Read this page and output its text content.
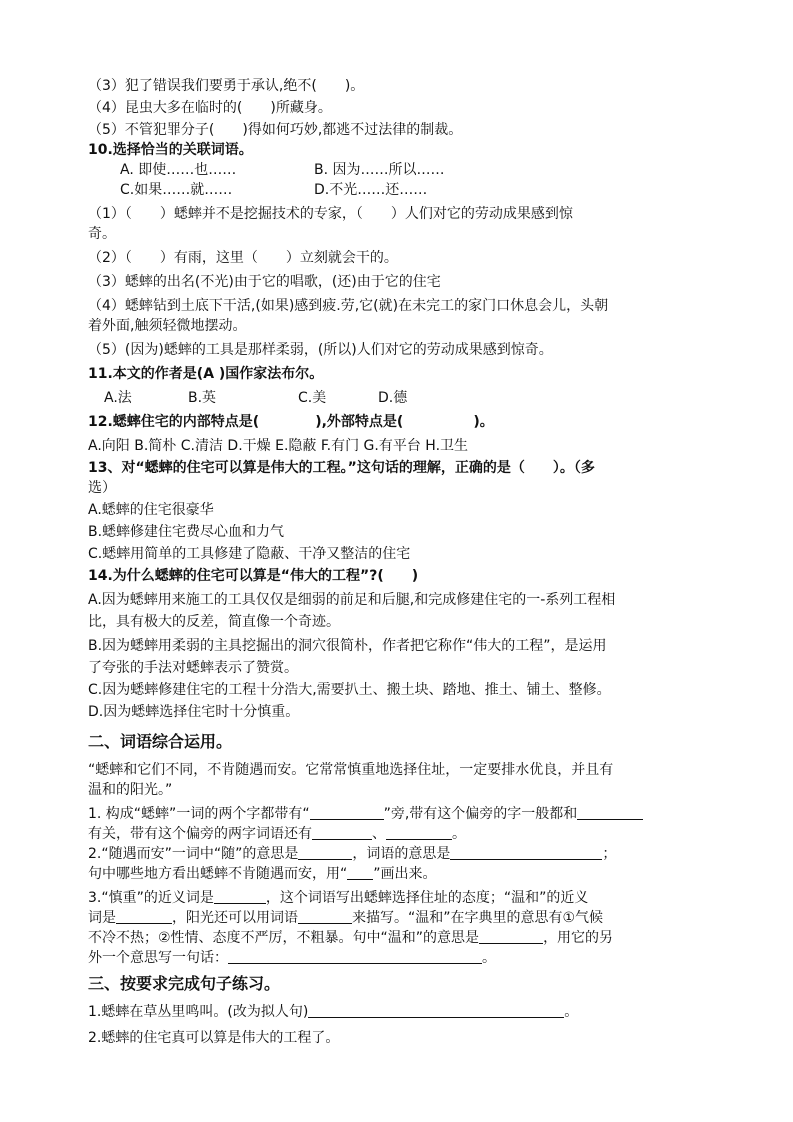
（3）犯了错误我们要勇于承认,绝不(　　)。

（4）昆虫大多在临时的(　　)所藏身。

（5）不管犯罪分子(　　)得如何巧妙,都逃不过法律的制裁。

10.选择恰当的关联词语。

A. 即使……也……	B. 因为……所以……
C.如果……就……	D.不光……还……

（1）（　　）蟋蟀并不是挖掘技术的专家，（　　）人们对它的劳动成果感到惊

奇。

（2）（　　）有雨，这里（　　）立刻就会干的。

（3）蟋蟀的出名(不光)由于它的唱歌，(还)由于它的住宅

（4）蟋蟀钻到土底下干活,(如果)感到疲.劳,它(就)在未完工的家门口休息会儿，头朝

着外面,触须轻微地摆动。

（5）(因为)蟋蟀的工具是那样柔弱，(所以)人们对它的劳动成果感到惊奇。

11.本文的作者是(A )国作家法布尔。

A.法	B.英	C.美	D.德

12.蟋蟀住宅的内部特点是(　　　　),外部特点是(　　　　　)。

A.向阳 B.简朴 C.清洁 D.干燥 E.隐蔽 F.有门 G.有平台 H.卫生

13、对“蟋蟀的住宅可以算是伟大的工程。”这句话的理解，正确的是（　　）。（多

选）

A.蟋蟀的住宅很豪华

B.蟋蟀修建住宅费尽心血和力气

C.蟋蟀用简单的工具修建了隐蔽、干净又整洁的住宅

14.为什么蟋蟀的住宅可以算是“伟大的工程”?(　　)

A.因为蟋蟀用来施工的工具仅仅是细弱的前足和后腿,和完成修建住宅的一-系列工程相

比，具有极大的反差，简直像一个奇迹。

B.因为蟋蟀用柔弱的主具挖掘出的洞穴很简朴，作者把它称作“伟大的工程”，是运用

了夸张的手法对蟋蟀表示了赞赏。

C.因为蟋蟀修建住宅的工程十分浩大,需要扒土、搬土块、踏地、推土、铺土、整修。

D.因为蟋蟀选择住宅时十分慎重。

二、词语综合运用。

“蟋蟀和它们不同，不肯随遇而安。它常常慎重地选择住址，一定要排水优良，并且有

温和的阳光。”

1. 构成“蟋蟀”一词的两个字都带有“	”旁,带有这个偏旁的字一般都和

有关，带有这个偏旁的两字词语还有	、	。

2.“随遇而安”一词中“随”的意思是	，词语的意思是	；

句中哪些地方看出蟋蟀不肯随遇而安，用“ ”画出来。

3.“慎重”的近义词是	，这个词语写出蟋蟀选择住址的态度；“温和”的近义

词是	，阳光还可以用词语	来描写。“温和”在字典里的意思有①气候

不冷不热；②性情、态度不严厉，不粗暴。句中“温和”的意思是	，用它的另

外一个意思写一句话：	。

三、按要求完成句子练习。

1.蟋蟀在草丛里鸣叫。(改为拟人句)	。

2.蟋蟀的住宅真可以算是伟大的工程了。
